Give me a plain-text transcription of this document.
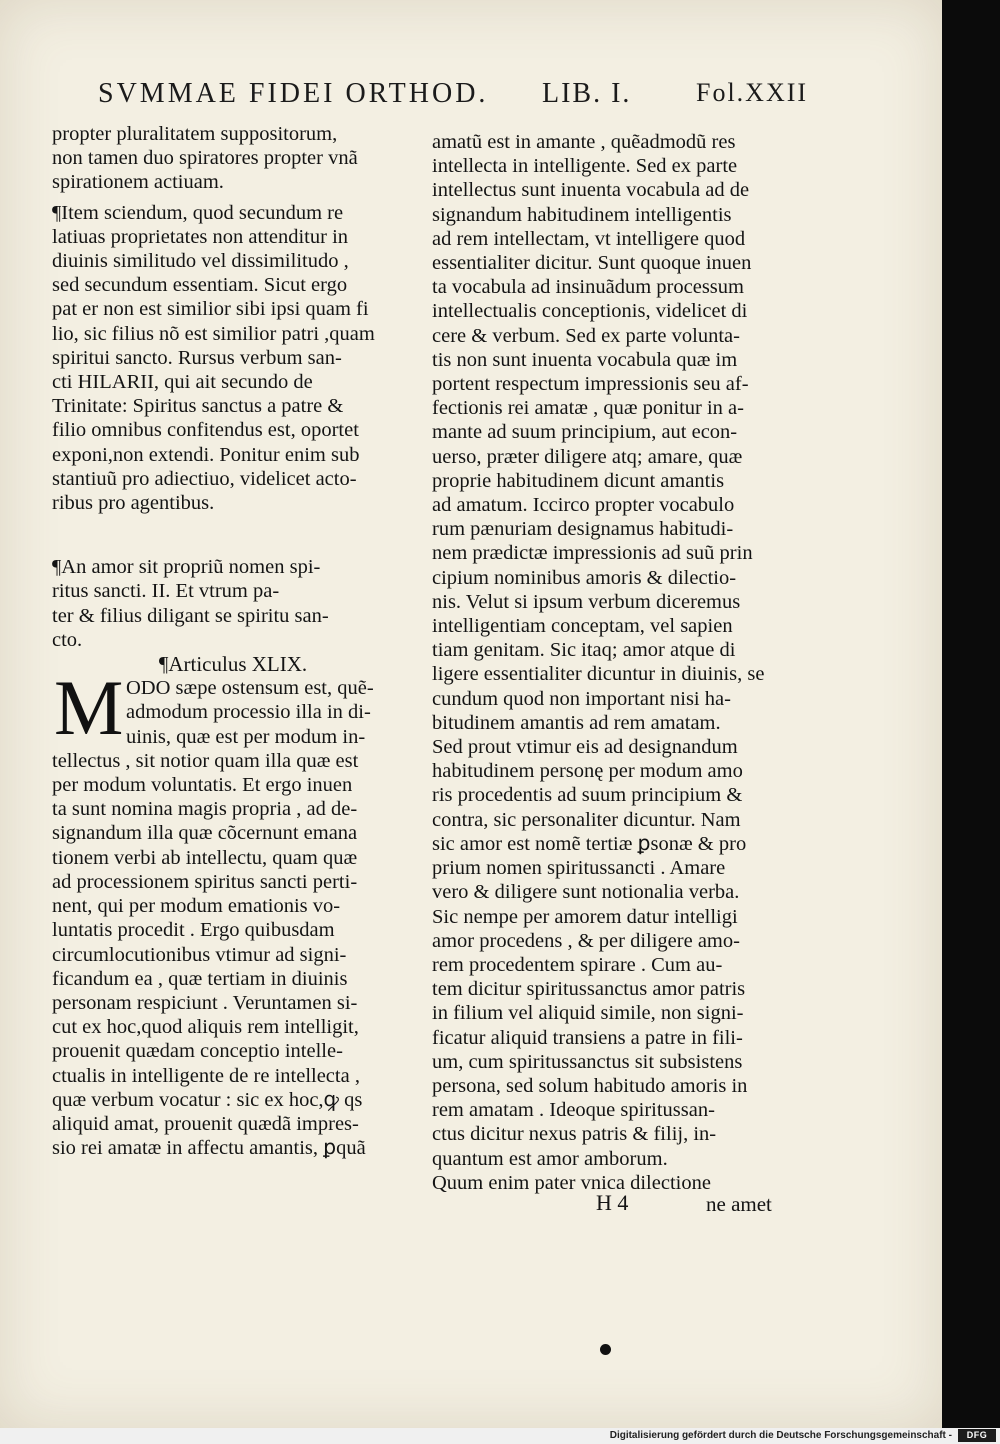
SVMMAE FIDEI ORTHOD. LIB. I. Fol.XXII

propter pluralitatem suppositorum,
non tamen duo spiratores propter vnã
spirationem actiuam.

¶Item sciendum, quod secundum re
latiuas proprietates non attenditur in
diuinis similitudo vel dissimilitudo ,
sed secundum essentiam. Sicut ergo
pat er non est similior sibi ipsi quam fi
lio, sic filius nõ est similior patri ,quam
spiritui sancto. Rursus verbum san-
cti HILARII, qui ait secundo de
Trinitate: Spiritus sanctus a patre &
filio omnibus confitendus est, oportet
exponi,non extendi. Ponitur enim sub
stantiuũ pro adiectiuo, videlicet acto-
ribus pro agentibus.

¶An amor sit propriũ nomen spi-
ritus sancti. II. Et vtrum pa-
ter & filius diligant se spiritu san-
cto.

¶Articulus XLIX.

M ODO sæpe ostensum est, quẽ-
admodum processio illa in di-
uinis, quæ est per modum in-
tellectus , sit notior quam illa quæ est
per modum voluntatis. Et ergo inuen
ta sunt nomina magis propria , ad de-
signandum illa quæ cõcernunt emana
tionem verbi ab intellectu, quam quæ
ad processionem spiritus sancti perti-
nent, qui per modum emationis vo-
luntatis procedit . Ergo quibusdam
circumlocutionibus vtimur ad signi-
ficandum ea , quæ tertiam in diuinis
personam respiciunt . Veruntamen si-
cut ex hoc,quod aliquis rem intelligit,
prouenit quædam conceptio intelle-
ctualis in intelligente de re intellecta ,
quæ verbum vocatur : sic ex hoc,ꝙ qs
aliquid amat, prouenit quædã impres-
sio rei amatæ in affectu amantis, ꝑquã
amatũ est in amante , quẽadmodũ res
intellecta in intelligente. Sed ex parte
intellectus sunt inuenta vocabula ad de
signandum habitudinem intelligentis
ad rem intellectam, vt intelligere quod
essentialiter dicitur. Sunt quoque inuen
ta vocabula ad insinuãdum processum
intellectualis conceptionis, videlicet di
cere & verbum. Sed ex parte volunta-
tis non sunt inuenta vocabula quæ im
portent respectum impressionis seu af-
fectionis rei amatæ , quæ ponitur in a-
mante ad suum principium, aut econ-
uerso, præter diligere atq; amare, quæ
proprie habitudinem dicunt amantis
ad amatum. Iccirco propter vocabulo
rum pænuriam designamus habitudi-
nem prædictæ impressionis ad suũ prin
cipium nominibus amoris & dilectio-
nis. Velut si ipsum verbum diceremus
intelligentiam conceptam, vel sapien
tiam genitam. Sic itaq; amor atque di
ligere essentialiter dicuntur in diuinis, se
cundum quod non important nisi ha-
bitudinem amantis ad rem amatam.
Sed prout vtimur eis ad designandum
habitudinem personę per modum amo
ris procedentis ad suum principium &
contra, sic personaliter dicuntur. Nam
sic amor est nomẽ tertiæ ꝑsonæ & pro
prium nomen spiritussancti . Amare
vero & diligere sunt notionalia verba.
Sic nempe per amorem datur intelligi
amor procedens , & per diligere amo-
rem procedentem spirare . Cum au-
tem dicitur spiritussanctus amor patris
in filium vel aliquid simile, non signi-
ficatur aliquid transiens a patre in fili-
um, cum spiritussanctus sit subsistens
persona, sed solum habitudo amoris in
rem amatam . Ideoque spiritussan-
ctus dicitur nexus patris & filij, in-
quantum est amor amborum.
Quum enim pater vnica dilectione
H 4	ne amet
Digitalisierung gefördert durch die Deutsche Forschungsgemeinschaft -	DFG
